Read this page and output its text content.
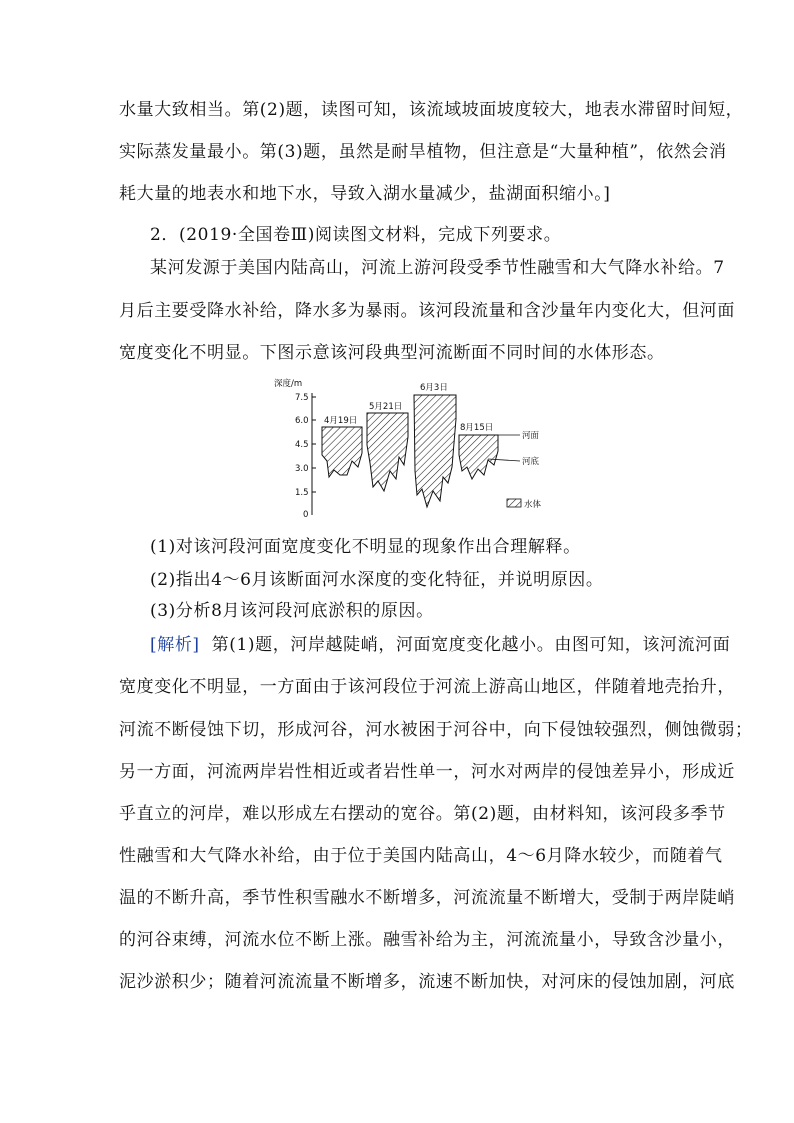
水量大致相当。第(2)题，读图可知，该流域坡面坡度较大，地表水滞留时间短，
实际蒸发量最小。第(3)题，虽然是耐旱植物，但注意是“大量种植”，依然会消
耗大量的地表水和地下水，导致入湖水量减少，盐湖面积缩小。]
2．(2019·全国卷Ⅲ)阅读图文材料，完成下列要求。
某河发源于美国内陆高山，河流上游河段受季节性融雪和大气降水补给。7
月后主要受降水补给，降水多为暴雨。该河段流量和含沙量年内变化大，但河面
宽度变化不明显。下图示意该河段典型河流断面不同时间的水体形态。
深度/m
7.5
6.0
4.5
3.0
1.5
0
4月19日
5月21日
6月3日
8月15日
河面
河底
水体
(1)对该河段河面宽度变化不明显的现象作出合理解释。
(2)指出4～6月该断面河水深度的变化特征，并说明原因。
(3)分析8月该河段河底淤积的原因。
[解析] 第(1)题，河岸越陡峭，河面宽度变化越小。由图可知，该河流河面
宽度变化不明显，一方面由于该河段位于河流上游高山地区，伴随着地壳抬升，
河流不断侵蚀下切，形成河谷，河水被困于河谷中，向下侵蚀较强烈，侧蚀微弱；
另一方面，河流两岸岩性相近或者岩性单一，河水对两岸的侵蚀差异小，形成近
乎直立的河岸，难以形成左右摆动的宽谷。第(2)题，由材料知，该河段多季节
性融雪和大气降水补给，由于位于美国内陆高山，4～6月降水较少，而随着气
温的不断升高，季节性积雪融水不断增多，河流流量不断增大，受制于两岸陡峭
的河谷束缚，河流水位不断上涨。融雪补给为主，河流流量小，导致含沙量小，
泥沙淤积少；随着河流流量不断增多，流速不断加快，对河床的侵蚀加剧，河底
